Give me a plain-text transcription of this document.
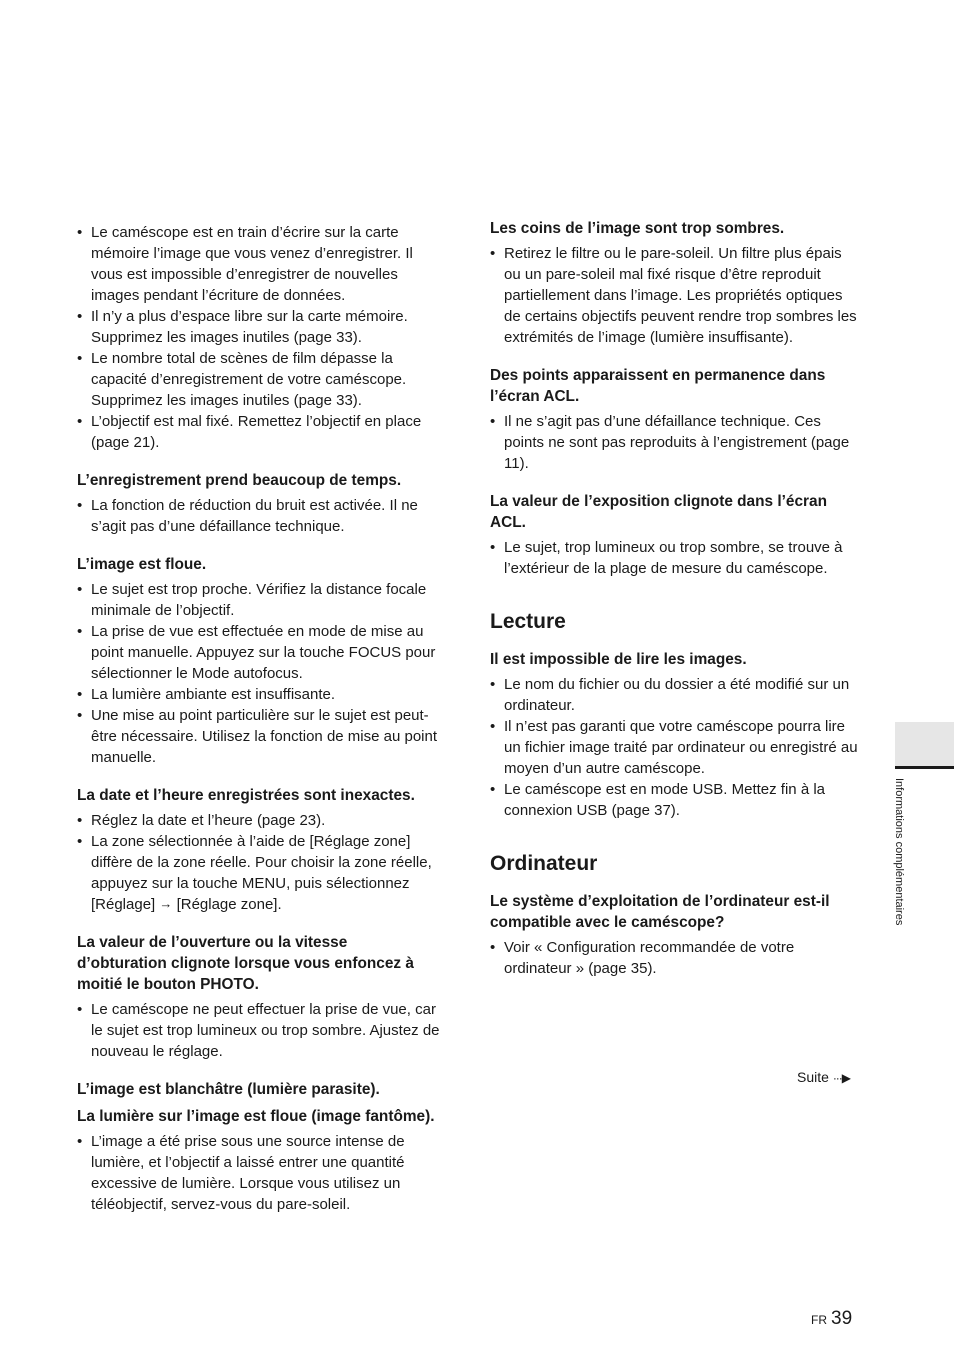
• Le caméscope est en train d’écrire sur la carte mémoire l’image que vous venez d’enregistrer. Il vous est impossible d’enregistrer de nouvelles images pendant l’écriture de données.
• Il n’y a plus d’espace libre sur la carte mémoire. Supprimez les images inutiles (page 33).
• Le nombre total de scènes de film dépasse la capacité d’enregistrement de votre caméscope. Supprimez les images inutiles (page 33).
• L’objectif est mal fixé. Remettez l’objectif en place (page 21).
L’enregistrement prend beaucoup de temps.
• La fonction de réduction du bruit est activée. Il ne s’agit pas d’une défaillance technique.
L’image est floue.
• Le sujet est trop proche. Vérifiez la distance focale minimale de l’objectif.
• La prise de vue est effectuée en mode de mise au point manuelle. Appuyez sur la touche FOCUS pour sélectionner le Mode autofocus.
• La lumière ambiante est insuffisante.
• Une mise au point particulière sur le sujet est peut-être nécessaire. Utilisez la fonction de mise au point manuelle.
La date et l’heure enregistrées sont inexactes.
• Réglez la date et l’heure (page 23).
• La zone sélectionnée à l’aide de [Réglage zone] diffère de la zone réelle. Pour choisir la zone réelle, appuyez sur la touche MENU, puis sélectionnez [Réglage] → [Réglage zone].
La valeur de l’ouverture ou la vitesse d’obturation clignote lorsque vous enfoncez à moitié le bouton PHOTO.
• Le caméscope ne peut effectuer la prise de vue, car le sujet est trop lumineux ou trop sombre. Ajustez de nouveau le réglage.
L’image est blanchâtre (lumière parasite).
La lumière sur l’image est floue (image fantôme).
• L’image a été prise sous une source intense de lumière, et l’objectif a laissé entrer une quantité excessive de lumière. Lorsque vous utilisez un téléobjectif, servez-vous du pare-soleil.
Les coins de l’image sont trop sombres.
• Retirez le filtre ou le pare-soleil. Un filtre plus épais ou un pare-soleil mal fixé risque d’être reproduit partiellement dans l’image. Les propriétés optiques de certains objectifs peuvent rendre trop sombres les extrémités de l’image (lumière insuffisante).
Des points apparaissent en permanence dans l’écran ACL.
• Il ne s’agit pas d’une défaillance technique. Ces points ne sont pas reproduits à l’engistrement (page 11).
La valeur de l’exposition clignote dans l’écran ACL.
• Le sujet, trop lumineux ou trop sombre, se trouve à l’extérieur de la plage de mesure du caméscope.
Lecture
Il est impossible de lire les images.
• Le nom du fichier ou du dossier a été modifié sur un ordinateur.
• Il n’est pas garanti que votre caméscope pourra lire un fichier image traité par ordinateur ou enregistré au moyen d’un autre caméscope.
• Le caméscope est en mode USB. Mettez fin à la connexion USB (page 37).
Ordinateur
Le système d’exploitation de l’ordinateur est-il compatible avec le caméscope?
• Voir « Configuration recommandée de votre ordinateur » (page 35).
Suite ···▶
Informations complémentaires
FR 39
